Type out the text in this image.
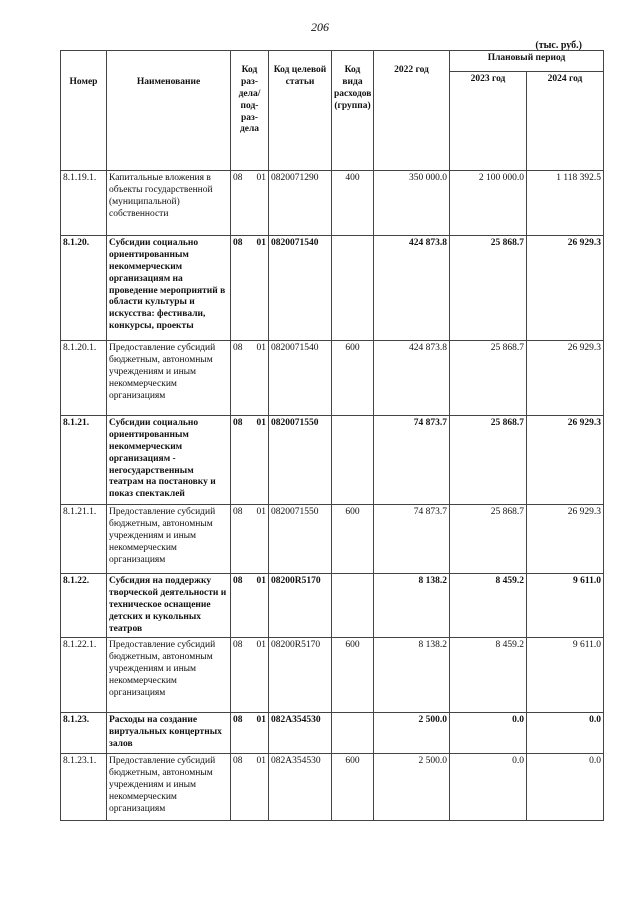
206
(тыс. руб.)
Номер	Наименование	Код раз-дела/ под-раз-дела	Код целевой статьи	Код вида расходов (группа)	2022 год	Плановый период	
						2023 год	2024 год
8.1.19.1.	Капитальные вложения в объекты государственной (муниципальной) собственности	08 01	0820071290	400	350 000.0	2 100 000.0	1 118 392.5
8.1.20.	Субсидии социально ориентированным некоммерческим организациям на проведение мероприятий в области культуры и искусства: фестивали, конкурсы, проекты	08 01	0820071540		424 873.8	25 868.7	26 929.3
8.1.20.1.	Предоставление субсидий бюджетным, автономным учреждениям и иным некоммерческим организациям	08 01	0820071540	600	424 873.8	25 868.7	26 929.3
8.1.21.	Субсидии социально ориентированным некоммерческим организациям - негосударственным театрам на постановку и показ спектаклей	08 01	0820071550		74 873.7	25 868.7	26 929.3
8.1.21.1.	Предоставление субсидий бюджетным, автономным учреждениям и иным некоммерческим организациям	08 01	0820071550	600	74 873.7	25 868.7	26 929.3
8.1.22.	Субсидия на поддержку творческой деятельности и техническое оснащение детских и кукольных театров	08 01	08200R5170		8 138.2	8 459.2	9 611.0
8.1.22.1.	Предоставление субсидий бюджетным, автономным учреждениям и иным некоммерческим организациям	08 01	08200R5170	600	8 138.2	8 459.2	9 611.0
8.1.23.	Расходы на создание виртуальных концертных залов	08 01	082A354530		2 500.0	0.0	0.0
8.1.23.1.	Предоставление субсидий бюджетным, автономным учреждениям и иным некоммерческим организациям	08 01	082A354530	600	2 500.0	0.0	0.0
